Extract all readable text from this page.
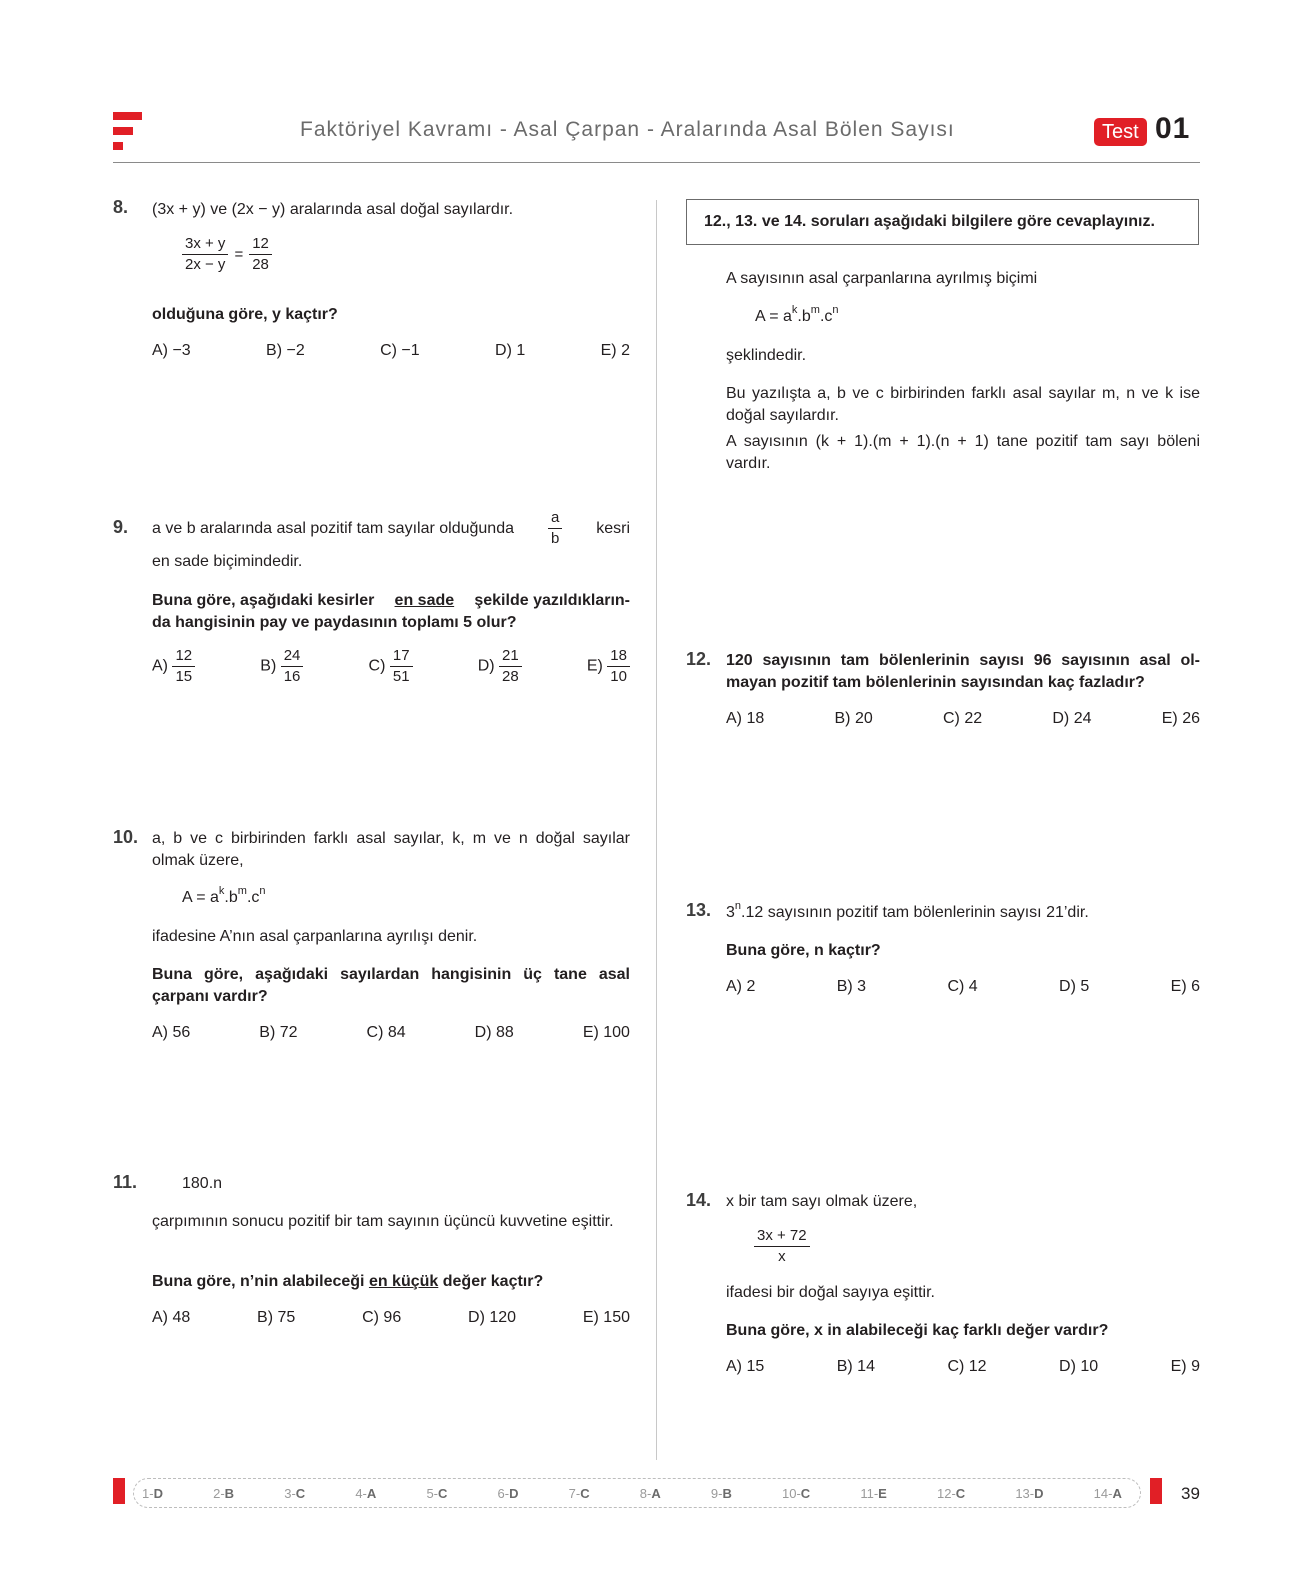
Faktöriyel Kavramı - Asal Çarpan - Aralarında Asal Bölen Sayısı	Test 01
8. (3x + y) ve (2x − y) aralarında asal doğal sayılardır.
$\frac{3x + y}{2x - y} = \frac{12}{28}$
olduğuna göre, y kaçtır?
A) −3	B) −2	C) −1	D) 1	E) 2
9. a ve b aralarında asal pozitif tam sayılar olduğunda $\frac{a}{b}$ kesri
en sade biçimindedir.
Buna göre, aşağıdaki kesirler en sade şekilde yazıldıkların-
da hangisinin pay ve paydasının toplamı 5 olur?
$A) \frac{12}{15}$	$B) \frac{24}{16}$	$C) \frac{17}{51}$	$D) \frac{21}{28}$	$E) \frac{18}{10}$
10. a, b ve c birbirinden farklı asal sayılar, k, m ve n doğal sayılar olmak üzere,
$A = a^k.b^m.c^n$
ifadesine A’nın asal çarpanlarına ayrılışı denir.
Buna göre, aşağıdaki sayılardan hangisinin üç tane asal çarpanı vardır?
A) 56	B) 72	C) 84	D) 88	E) 100
11.	180.n
çarpımının sonucu pozitif bir tam sayının üçüncü kuvvetine eşittir.
Buna göre, n’nin alabileceği en küçük değer kaçtır?
A) 48	B) 75	C) 96	D) 120	E) 150
12., 13. ve 14. soruları aşağıdaki bilgilere göre cevaplayınız.
A sayısının asal çarpanlarına ayrılmış biçimi
$A = a^k.b^m.c^n$
şeklindedir.
Bu yazılışta a, b ve c birbirinden farklı asal sayılar m, n ve k ise doğal sayılardır.
A sayısının (k + 1).(m + 1).(n + 1) tane pozitif tam sayı böleni vardır.
12. 120 sayısının tam bölenlerinin sayısı 96 sayısının asal ol- mayan pozitif tam bölenlerinin sayısından kaç fazladır?
A) 18	B) 20	C) 22	D) 24	E) 26
13. 3$^n$.12 sayısının pozitif tam bölenlerinin sayısı 21’dir.
Buna göre, n kaçtır?
A) 2	B) 3	C) 4	D) 5	E) 6
14. x bir tam sayı olmak üzere,
$\frac{3x + 72}{x}$
ifadesi bir doğal sayıya eşittir.
Buna göre, x in alabileceği kaç farklı değer vardır?
A) 15	B) 14	C) 12	D) 10	E) 9
1-D	2-B	3-C	4-A	5-C	6-D	7-C	8-A	9-B	10-C	11-E	12-C	13-D	14-A	39
